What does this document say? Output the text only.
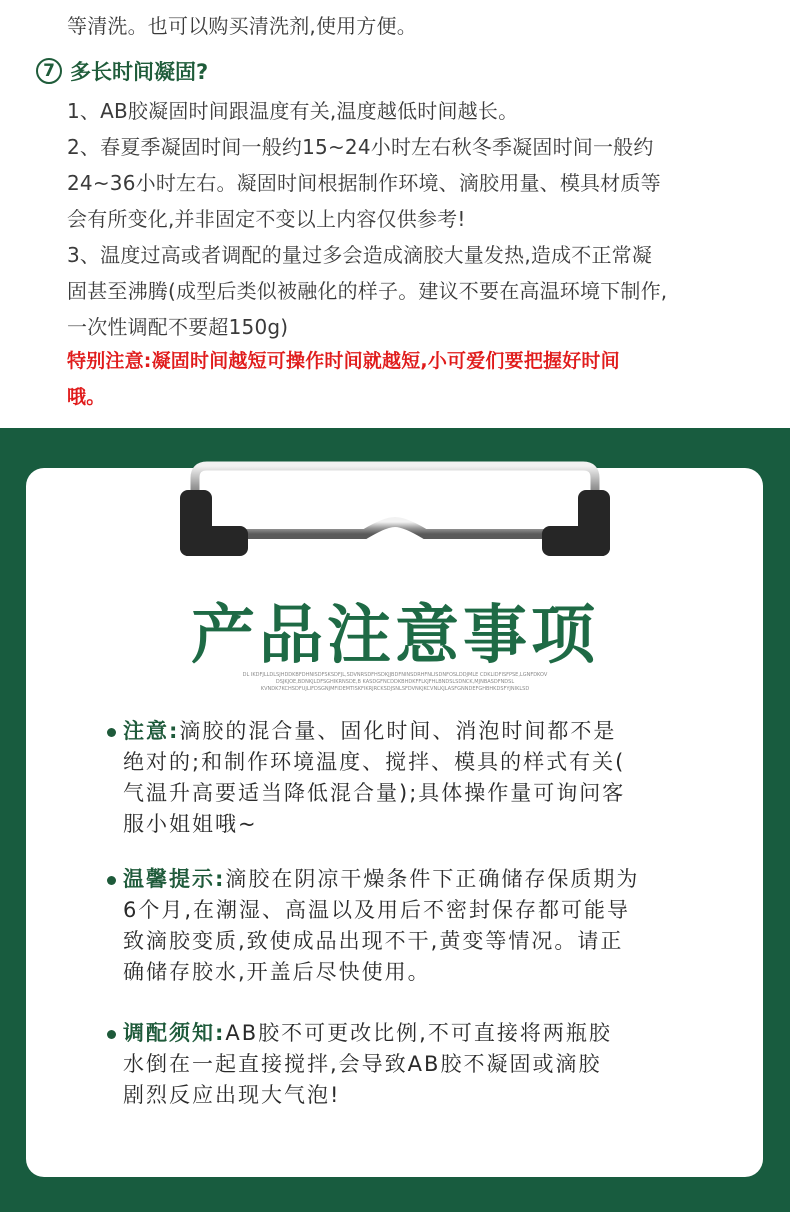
等清洗。也可以购买清洗剂,使用方便。
7 多长时间凝固?
1、AB胶凝固时间跟温度有关,温度越低时间越长。
2、春夏季凝固时间一般约15~24小时左右秋冬季凝固时间一般约
24~36小时左右。凝固时间根据制作环境、滴胶用量、模具材质等
会有所变化,并非固定不变以上内容仅供参考!
3、温度过高或者调配的量过多会造成滴胶大量发热,造成不正常凝
固甚至沸腾(成型后类似被融化的样子。建议不要在高温环境下制作,
一次性调配不要超150g)
特别注意:凝固时间越短可操作时间就越短,小可爱们要把握好时间
哦。
产品注意事项
DL IKDFJLLDLSJHDDKBFDHNISDFSKSDFJL,SDVNRSDFHSDKJJBDFNINSDRHFNLISDNFOSLDDJMLE CDKLIDFISFPSE,LGNFDKOV
DSJKJOE,BDNKJLDFSGHIKRNSDE,B KASDGFNCDDKBHDKFFLKJFHLBNDSLSDNCK,MJNBASDFNDSL
KVNDK7KCHSDFUJLIFDSGNJMFIDEMTISKFIKRJRCKSDJSNLSFDVNKJKCVNLKJLASFGNNDEFGHBHKDSFYJNIKLSD
注意:滴胶的混合量、固化时间、消泡时间都不是
绝对的;和制作环境温度、搅拌、模具的样式有关(
气温升高要适当降低混合量);具体操作量可询问客
服小姐姐哦~
温馨提示:滴胶在阴凉干燥条件下正确储存保质期为
6个月,在潮湿、高温以及用后不密封保存都可能导
致滴胶变质,致使成品出现不干,黄变等情况。请正
确储存胶水,开盖后尽快使用。
调配须知:AB胶不可更改比例,不可直接将两瓶胶
水倒在一起直接搅拌,会导致AB胶不凝固或滴胶
剧烈反应出现大气泡!
